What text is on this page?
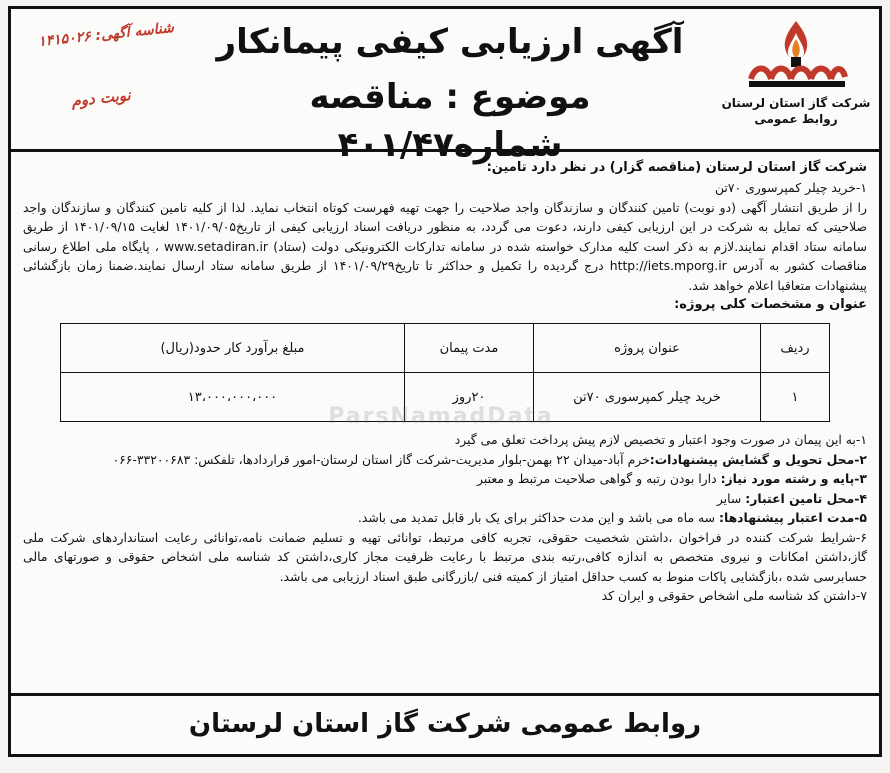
شرکت گاز استان لرستان
روابط عمومی
آگهی ارزیابی کیفی پیمانکار
موضوع : مناقصه شماره۴۰۱/۴۷
شناسه آگهی: ۱۴۱۵۰۲۶
نوبت دوم

شرکت گاز استان لرستان (مناقصه گزار) در نظر دارد تامین:

۱-خرید چیلر کمپرسوری ۷۰تن

را از طریق انتشار آگهی (دو نوبت) تامین کنندگان و سازندگان واجد صلاحیت را جهت تهیه فهرست کوتاه انتخاب نماید. لذا از کلیه تامین کنندگان و سازندگان واجد صلاحیتی که تمایل به شرکت در این ارزیابی کیفی دارند، دعوت می گردد، به منظور دریافت اسناد ارزیابی کیفی از تاریخ۱۴۰۱/۰۹/۰۵ لغایت ۱۴۰۱/۰۹/۱۵ از طریق سامانه ستاد اقدام نمایند.لازم به ذکر است کلیه مدارک خواسته شده در سامانه تدارکات الکترونیکی دولت (ستاد) www.setadiran.ir ، پایگاه ملی اطلاع رسانی مناقصات کشور به آدرس http://iets.mporg.ir درج گردیده را تکمیل و حداکثر تا تاریخ۱۴۰۱/۰۹/۲۹ از طریق سامانه ستاد ارسال نمایند.ضمنا زمان بازگشائی پیشنهادات متعاقبا اعلام خواهد شد.

عنوان و مشخصات کلی پروژه:

ردیف	عنوان پروژه	مدت پیمان	مبلغ برآورد کار حدود(ریال)
۱	خرید چیلر کمپرسوری ۷۰تن	۲۰روز	۱۳،۰۰۰،۰۰۰،۰۰۰

۱-به این پیمان در صورت وجود اعتبار و تخصیص لازم پیش پرداخت تعلق می گیرد

۲-محل تحویل و گشایش پیشنهادات:خرم آباد-میدان ۲۲ بهمن-بلوار مدیریت-شرکت گاز استان لرستان-امور قراردادها، تلفکس: ۳۳۲۰۰۶۸۳-۰۶۶

۳-پایه و رشته مورد نیاز: دارا بودن رتبه و گواهی صلاحیت مرتبط و معتبر

۴-محل تامین اعتبار: سایر

۵-مدت اعتبار پیشنهادها: سه ماه می باشد و این مدت حداکثر برای یک بار قابل تمدید می باشد.

۶-شرایط شرکت کننده در فراخوان ،داشتن شخصیت حقوقی، تجربه کافی مرتبط، توانائی تهیه و تسلیم ضمانت نامه،توانائی رعایت استانداردهای شرکت ملی گاز،داشتن امکانات و نیروی متخصص به اندازه کافی،رتبه بندی مرتبط با رعایت ظرفیت مجاز کاری،داشتن کد شناسه ملی اشخاص حقوقی و صورتهای مالی حسابرسی شده ،بازگشایی پاکات منوط به کسب حداقل امتیاز از کمیته فنی /بازرگانی طبق اسناد ارزیابی می باشد.

۷-داشتن کد شناسه ملی اشخاص حقوقی و ایران کد

ParsNamadData
روابط عمومی شرکت گاز استان لرستان
